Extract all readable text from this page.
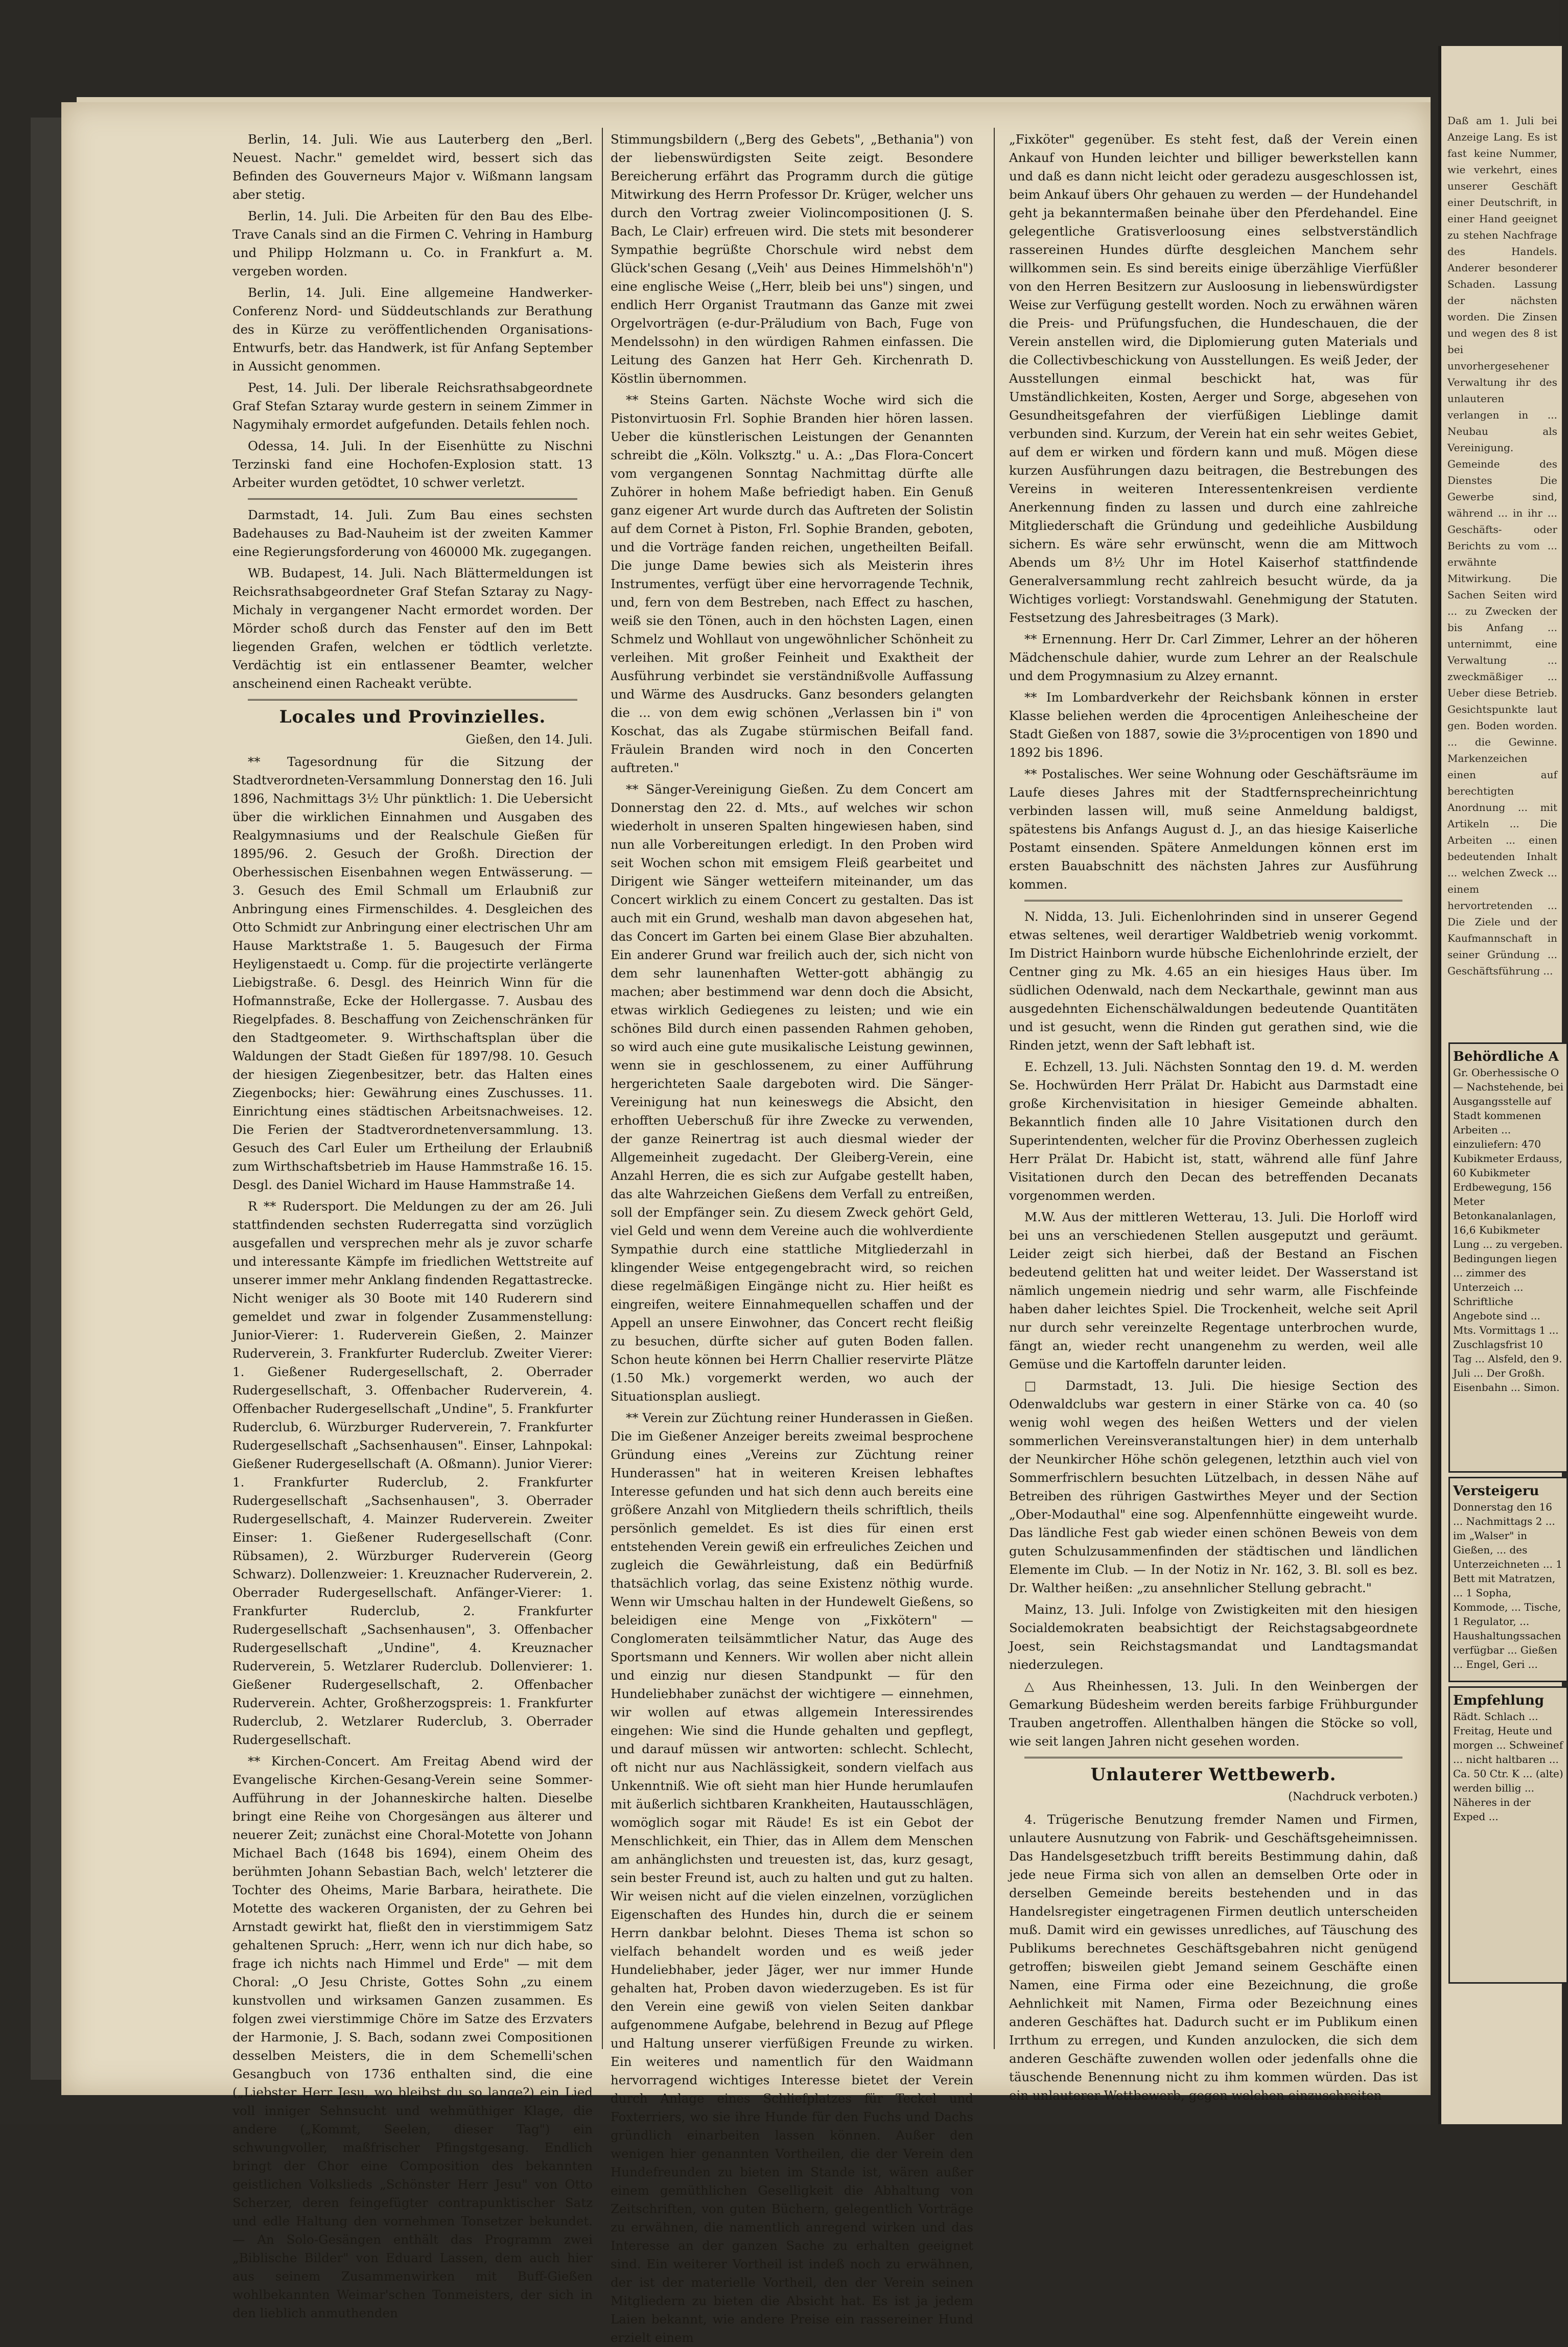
Berlin, 14. Juli. Wie aus Lauterberg den „Berl. Neuest. Nachr." gemeldet wird, bessert sich das Befinden des Gouverneurs Major v. Wißmann langsam aber stetig.

Berlin, 14. Juli. Die Arbeiten für den Bau des Elbe-Trave Canals sind an die Firmen C. Vehring in Hamburg und Philipp Holzmann u. Co. in Frankfurt a. M. vergeben worden.

Berlin, 14. Juli. Eine allgemeine Handwerker-Conferenz Nord- und Süddeutschlands zur Berathung des in Kürze zu veröffentlichenden Organisations-Entwurfs, betr. das Handwerk, ist für Anfang September in Aussicht genommen.

Pest, 14. Juli. Der liberale Reichsrathsabgeordnete Graf Stefan Sztaray wurde gestern in seinem Zimmer in Nagymihaly ermordet aufgefunden. Details fehlen noch.

Odessa, 14. Juli. In der Eisenhütte zu Nischni Terzinski fand eine Hochofen-Explosion statt. 13 Arbeiter wurden getödtet, 10 schwer verletzt.

Darmstadt, 14. Juli. Zum Bau eines sechsten Badehauses zu Bad-Nauheim ist der zweiten Kammer eine Regierungsforderung von 460000 Mk. zugegangen.

WB. Budapest, 14. Juli. Nach Blättermeldungen ist Reichsrathsabgeordneter Graf Stefan Sztaray zu Nagy-Michaly in vergangener Nacht ermordet worden. Der Mörder schoß durch das Fenster auf den im Bett liegenden Grafen, welchen er tödtlich verletzte. Verdächtig ist ein entlassener Beamter, welcher anscheinend einen Racheakt verübte.

Locales und Provinzielles.

Gießen, den 14. Juli.

** Tagesordnung für die Sitzung der Stadtverordneten-Versammlung Donnerstag den 16. Juli 1896, Nachmittags 3½ Uhr pünktlich: 1. Die Uebersicht über die wirklichen Einnahmen und Ausgaben des Realgymnasiums und der Realschule Gießen für 1895/96. 2. Gesuch der Großh. Direction der Oberhessischen Eisenbahnen wegen Entwässerung. — 3. Gesuch des Emil Schmall um Erlaubniß zur Anbringung eines Firmenschildes. 4. Desgleichen des Otto Schmidt zur Anbringung einer electrischen Uhr am Hause Marktstraße 1. 5. Baugesuch der Firma Heyligenstaedt u. Comp. für die projectirte verlängerte Liebigstraße. 6. Desgl. des Heinrich Winn für die Hofmannstraße, Ecke der Hollergasse. 7. Ausbau des Riegelpfades. 8. Beschaffung von Zeichenschränken für den Stadtgeometer. 9. Wirthschaftsplan über die Waldungen der Stadt Gießen für 1897/98. 10. Gesuch der hiesigen Ziegenbesitzer, betr. das Halten eines Ziegenbocks; hier: Gewährung eines Zuschusses. 11. Einrichtung eines städtischen Arbeitsnachweises. 12. Die Ferien der Stadtverordnetenversammlung. 13. Gesuch des Carl Euler um Ertheilung der Erlaubniß zum Wirthschaftsbetrieb im Hause Hammstraße 16. 15. Desgl. des Daniel Wichard im Hause Hammstraße 14.

R ** Rudersport. Die Meldungen zu der am 26. Juli stattfindenden sechsten Ruderregatta sind vorzüglich ausgefallen und versprechen mehr als je zuvor scharfe und interessante Kämpfe im friedlichen Wettstreite auf unserer immer mehr Anklang findenden Regattastrecke. Nicht weniger als 30 Boote mit 140 Ruderern sind gemeldet und zwar in folgender Zusammenstellung: Junior-Vierer: 1. Ruderverein Gießen, 2. Mainzer Ruderverein, 3. Frankfurter Ruderclub. Zweiter Vierer: 1. Gießener Rudergesellschaft, 2. Oberrader Rudergesellschaft, 3. Offenbacher Ruderverein, 4. Offenbacher Rudergesellschaft „Undine", 5. Frankfurter Ruderclub, 6. Würzburger Ruderverein, 7. Frankfurter Rudergesellschaft „Sachsenhausen". Einser, Lahnpokal: Gießener Rudergesellschaft (A. Oßmann). Junior Vierer: 1. Frankfurter Ruderclub, 2. Frankfurter Rudergesellschaft „Sachsenhausen", 3. Oberrader Rudergesellschaft, 4. Mainzer Ruderverein. Zweiter Einser: 1. Gießener Rudergesellschaft (Conr. Rübsamen), 2. Würzburger Ruderverein (Georg Schwarz). Dollenzweier: 1. Kreuznacher Ruderverein, 2. Oberrader Rudergesellschaft. Anfänger-Vierer: 1. Frankfurter Ruderclub, 2. Frankfurter Rudergesellschaft „Sachsenhausen", 3. Offenbacher Rudergesellschaft „Undine", 4. Kreuznacher Ruderverein, 5. Wetzlarer Ruderclub. Dollenvierer: 1. Gießener Rudergesellschaft, 2. Offenbacher Ruderverein. Achter, Großherzogspreis: 1. Frankfurter Ruderclub, 2. Wetzlarer Ruderclub, 3. Oberrader Rudergesellschaft.

** Kirchen-Concert. Am Freitag Abend wird der Evangelische Kirchen-Gesang-Verein seine Sommer-Aufführung in der Johanneskirche halten. Dieselbe bringt eine Reihe von Chorgesängen aus älterer und neuerer Zeit; zunächst eine Choral-Motette von Johann Michael Bach (1648 bis 1694), einem Oheim des berühmten Johann Sebastian Bach, welch' letzterer die Tochter des Oheims, Marie Barbara, heirathete. Die Motette des wackeren Organisten, der zu Gehren bei Arnstadt gewirkt hat, fließt den in vierstimmigem Satz gehaltenen Spruch: „Herr, wenn ich nur dich habe, so frage ich nichts nach Himmel und Erde" — mit dem Choral: „O Jesu Christe, Gottes Sohn „zu einem kunstvollen und wirksamen Ganzen zusammen. Es folgen zwei vierstimmige Chöre im Satze des Erzvaters der Harmonie, J. S. Bach, sodann zwei Compositionen desselben Meisters, die in dem Schemelli'schen Gesangbuch von 1736 enthalten sind, die eine („Liebster Herr Jesu, wo bleibst du so lange?) ein Lied voll inniger Sehnsucht und wehmüthiger Klage, die andere („Kommt, Seelen, dieser Tag") ein schwungvoller, maßfrischer Pfingstgesang. Endlich bringt der Chor eine Composition des bekannten geistlichen Volkslieds „Schönster Herr Jesu" von Otto Scherzer, deren feingefügter contrapunktischer Satz und edle Haltung den vornehmen Tonsetzer bekundet. — An Solo-Gesängen enthält das Programm zwei „Biblische Bilder" von Eduard Lassen, dem auch hier aus seinem Zusammenwirken mit Buff-Gießen wohlbekannten Weimar'schen Tonmeisters, der sich in den lieblich anmuthenden

Stimmungsbildern („Berg des Gebets", „Bethania") von der liebenswürdigsten Seite zeigt. Besondere Bereicherung erfährt das Programm durch die gütige Mitwirkung des Herrn Professor Dr. Krüger, welcher uns durch den Vortrag zweier Violincompositionen (J. S. Bach, Le Clair) erfreuen wird. Die stets mit besonderer Sympathie begrüßte Chorschule wird nebst dem Glück'schen Gesang („Veih' aus Deines Himmelshöh'n") eine englische Weise („Herr, bleib bei uns") singen, und endlich Herr Organist Trautmann das Ganze mit zwei Orgelvorträgen (e-dur-Präludium von Bach, Fuge von Mendelssohn) in den würdigen Rahmen einfassen. Die Leitung des Ganzen hat Herr Geh. Kirchenrath D. Köstlin übernommen.

** Steins Garten. Nächste Woche wird sich die Pistonvirtuosin Frl. Sophie Branden hier hören lassen. Ueber die künstlerischen Leistungen der Genannten schreibt die „Köln. Volksztg." u. A.: „Das Flora-Concert vom vergangenen Sonntag Nachmittag dürfte alle Zuhörer in hohem Maße befriedigt haben. Ein Genuß ganz eigener Art wurde durch das Auftreten der Solistin auf dem Cornet à Piston, Frl. Sophie Branden, geboten, und die Vorträge fanden reichen, ungetheilten Beifall. Die junge Dame bewies sich als Meisterin ihres Instrumentes, verfügt über eine hervorragende Technik, und, fern von dem Bestreben, nach Effect zu haschen, weiß sie den Tönen, auch in den höchsten Lagen, einen Schmelz und Wohllaut von ungewöhnlicher Schönheit zu verleihen. Mit großer Feinheit und Exaktheit der Ausführung verbindet sie verständnißvolle Auffassung und Wärme des Ausdrucks. Ganz besonders gelangten die ... von dem ewig schönen „Verlassen bin i" von Koschat, das als Zugabe stürmischen Beifall fand. Fräulein Branden wird noch in den Concerten auftreten."

** Sänger-Vereinigung Gießen. Zu dem Concert am Donnerstag den 22. d. Mts., auf welches wir schon wiederholt in unseren Spalten hingewiesen haben, sind nun alle Vorbereitungen erledigt. In den Proben wird seit Wochen schon mit emsigem Fleiß gearbeitet und Dirigent wie Sänger wetteifern miteinander, um das Concert wirklich zu einem Concert zu gestalten. Das ist auch mit ein Grund, weshalb man davon abgesehen hat, das Concert im Garten bei einem Glase Bier abzuhalten. Ein anderer Grund war freilich auch der, sich nicht von dem sehr launenhaften Wetter-gott abhängig zu machen; aber bestimmend war denn doch die Absicht, etwas wirklich Gediegenes zu leisten; und wie ein schönes Bild durch einen passenden Rahmen gehoben, so wird auch eine gute musikalische Leistung gewinnen, wenn sie in geschlossenem, zu einer Aufführung hergerichteten Saale dargeboten wird. Die Sänger-Vereinigung hat nun keineswegs die Absicht, den erhofften Ueberschuß für ihre Zwecke zu verwenden, der ganze Reinertrag ist auch diesmal wieder der Allgemeinheit zugedacht. Der Gleiberg-Verein, eine Anzahl Herren, die es sich zur Aufgabe gestellt haben, das alte Wahrzeichen Gießens dem Verfall zu entreißen, soll der Empfänger sein. Zu diesem Zweck gehört Geld, viel Geld und wenn dem Vereine auch die wohlverdiente Sympathie durch eine stattliche Mitgliederzahl in klingender Weise entgegengebracht wird, so reichen diese regelmäßigen Eingänge nicht zu. Hier heißt es eingreifen, weitere Einnahmequellen schaffen und der Appell an unsere Einwohner, das Concert recht fleißig zu besuchen, dürfte sicher auf guten Boden fallen. Schon heute können bei Herrn Challier reservirte Plätze (1.50 Mk.) vorgemerkt werden, wo auch der Situationsplan ausliegt.

** Verein zur Züchtung reiner Hunderassen in Gießen. Die im Gießener Anzeiger bereits zweimal besprochene Gründung eines „Vereins zur Züchtung reiner Hunderassen" hat in weiteren Kreisen lebhaftes Interesse gefunden und hat sich denn auch bereits eine größere Anzahl von Mitgliedern theils schriftlich, theils persönlich gemeldet. Es ist dies für einen erst entstehenden Verein gewiß ein erfreuliches Zeichen und zugleich die Gewährleistung, daß ein Bedürfniß thatsächlich vorlag, das seine Existenz nöthig wurde. Wenn wir Umschau halten in der Hundewelt Gießens, so beleidigen eine Menge von „Fixkötern" — Conglomeraten teilsämmtlicher Natur, das Auge des Sportsmann und Kenners. Wir wollen aber nicht allein und einzig nur diesen Standpunkt — für den Hundeliebhaber zunächst der wichtigere — einnehmen, wir wollen auf etwas allgemein Interessirendes eingehen: Wie sind die Hunde gehalten und gepflegt, und darauf müssen wir antworten: schlecht. Schlecht, oft nicht nur aus Nachlässigkeit, sondern vielfach aus Unkenntniß. Wie oft sieht man hier Hunde herumlaufen mit äußerlich sichtbaren Krankheiten, Hautausschlägen, womöglich sogar mit Räude! Es ist ein Gebot der Menschlichkeit, ein Thier, das in Allem dem Menschen am anhänglichsten und treuesten ist, das, kurz gesagt, sein bester Freund ist, auch zu halten und gut zu halten. Wir weisen nicht auf die vielen einzelnen, vorzüglichen Eigenschaften des Hundes hin, durch die er seinem Herrn dankbar belohnt. Dieses Thema ist schon so vielfach behandelt worden und es weiß jeder Hundeliebhaber, jeder Jäger, wer nur immer Hunde gehalten hat, Proben davon wiederzugeben. Es ist für den Verein eine gewiß von vielen Seiten dankbar aufgenommene Aufgabe, belehrend in Bezug auf Pflege und Haltung unserer vierfüßigen Freunde zu wirken. Ein weiteres und namentlich für den Waidmann hervorragend wichtiges Interesse bietet der Verein durch Anlage eines Schliefplatzes für Teckel und Foxterriers, wo sie ihre Hunde für den Fuchs und Dachs gründlich einarbeiten lassen können. Außer den wenigen hier genannten Vortheilen, die der Verein den Hundefreunden zu bieten im Stande ist, wären außer einem gemüthlichen Geselligkeit die Abhaltung von Zeitschriften, von guten Büchern, gelegentlich Vorträge zu erwähnen, die namentlich anregend wirken und das Interesse an der ganzen Sache zu erhalten geeignet sind. Ein weiterer Vortheil ist indeß noch zu erwähnen, der ist der materielle Vortheil, den der Verein seinen Mitgliedern zu bieten die Absicht hat. Es ist ja jedem Laien bekannt, wie andere Preise ein rassereiner Hund erzielt einem

„Fixköter" gegenüber. Es steht fest, daß der Verein einen Ankauf von Hunden leichter und billiger bewerkstellen kann und daß es dann nicht leicht oder geradezu ausgeschlossen ist, beim Ankauf übers Ohr gehauen zu werden — der Hundehandel geht ja bekanntermaßen beinahe über den Pferdehandel. Eine gelegentliche Gratisverloosung eines selbstverständlich rassereinen Hundes dürfte desgleichen Manchem sehr willkommen sein. Es sind bereits einige überzählige Vierfüßler von den Herren Besitzern zur Ausloosung in liebenswürdigster Weise zur Verfügung gestellt worden. Noch zu erwähnen wären die Preis- und Prüfungsfuchen, die Hundeschauen, die der Verein anstellen wird, die Diplomierung guten Materials und die Collectivbeschickung von Ausstellungen. Es weiß Jeder, der Ausstellungen einmal beschickt hat, was für Umständlichkeiten, Kosten, Aerger und Sorge, abgesehen von Gesundheitsgefahren der vierfüßigen Lieblinge damit verbunden sind. Kurzum, der Verein hat ein sehr weites Gebiet, auf dem er wirken und fördern kann und muß. Mögen diese kurzen Ausführungen dazu beitragen, die Bestrebungen des Vereins in weiteren Interessentenkreisen verdiente Anerkennung finden zu lassen und durch eine zahlreiche Mitgliederschaft die Gründung und gedeihliche Ausbildung sichern. Es wäre sehr erwünscht, wenn die am Mittwoch Abends um 8½ Uhr im Hotel Kaiserhof stattfindende Generalversammlung recht zahlreich besucht würde, da ja Wichtiges vorliegt: Vorstandswahl. Genehmigung der Statuten. Festsetzung des Jahresbeitrages (3 Mark).

** Ernennung. Herr Dr. Carl Zimmer, Lehrer an der höheren Mädchenschule dahier, wurde zum Lehrer an der Realschule und dem Progymnasium zu Alzey ernannt.

** Im Lombardverkehr der Reichsbank können in erster Klasse beliehen werden die 4procentigen Anleihescheine der Stadt Gießen von 1887, sowie die 3½procentigen von 1890 und 1892 bis 1896.

** Postalisches. Wer seine Wohnung oder Geschäftsräume im Laufe dieses Jahres mit der Stadtfernsprecheinrichtung verbinden lassen will, muß seine Anmeldung baldigst, spätestens bis Anfangs August d. J., an das hiesige Kaiserliche Postamt einsenden. Spätere Anmeldungen können erst im ersten Bauabschnitt des nächsten Jahres zur Ausführung kommen.

N. Nidda, 13. Juli. Eichenlohrinden sind in unserer Gegend etwas seltenes, weil derartiger Waldbetrieb wenig vorkommt. Im District Hainborn wurde hübsche Eichenlohrinde erzielt, der Centner ging zu Mk. 4.65 an ein hiesiges Haus über. Im südlichen Odenwald, nach dem Neckarthale, gewinnt man aus ausgedehnten Eichenschälwaldungen bedeutende Quantitäten und ist gesucht, wenn die Rinden gut gerathen sind, wie die Rinden jetzt, wenn der Saft lebhaft ist.

E. Echzell, 13. Juli. Nächsten Sonntag den 19. d. M. werden Se. Hochwürden Herr Prälat Dr. Habicht aus Darmstadt eine große Kirchenvisitation in hiesiger Gemeinde abhalten. Bekanntlich finden alle 10 Jahre Visitationen durch den Superintendenten, welcher für die Provinz Oberhessen zugleich Herr Prälat Dr. Habicht ist, statt, während alle fünf Jahre Visitationen durch den Decan des betreffenden Decanats vorgenommen werden.

M.W. Aus der mittleren Wetterau, 13. Juli. Die Horloff wird bei uns an verschiedenen Stellen ausgeputzt und geräumt. Leider zeigt sich hierbei, daß der Bestand an Fischen bedeutend gelitten hat und weiter leidet. Der Wasserstand ist nämlich ungemein niedrig und sehr warm, alle Fischfeinde haben daher leichtes Spiel. Die Trockenheit, welche seit April nur durch sehr vereinzelte Regentage unterbrochen wurde, fängt an, wieder recht unangenehm zu werden, weil alle Gemüse und die Kartoffeln darunter leiden.

□ Darmstadt, 13. Juli. Die hiesige Section des Odenwaldclubs war gestern in einer Stärke von ca. 40 (so wenig wohl wegen des heißen Wetters und der vielen sommerlichen Vereinsveranstaltungen hier) in dem unterhalb der Neunkircher Höhe schön gelegenen, letzthin auch viel von Sommerfrischlern besuchten Lützelbach, in dessen Nähe auf Betreiben des rührigen Gastwirthes Meyer und der Section „Ober-Modauthal" eine sog. Alpenfennhütte eingeweiht wurde. Das ländliche Fest gab wieder einen schönen Beweis von dem guten Schulzusammenfinden der städtischen und ländlichen Elemente im Club. — In der Notiz in Nr. 162, 3. Bl. soll es bez. Dr. Walther heißen: „zu ansehnlicher Stellung gebracht."

Mainz, 13. Juli. Infolge von Zwistigkeiten mit den hiesigen Socialdemokraten beabsichtigt der Reichstagsabgeordnete Joest, sein Reichstagsmandat und Landtagsmandat niederzulegen.

△ Aus Rheinhessen, 13. Juli. In den Weinbergen der Gemarkung Büdesheim werden bereits farbige Frühburgunder Trauben angetroffen. Allenthalben hängen die Stöcke so voll, wie seit langen Jahren nicht gesehen worden.

Unlauterer Wettbewerb.

(Nachdruck verboten.)

4. Trügerische Benutzung fremder Namen und Firmen, unlautere Ausnutzung von Fabrik- und Geschäftsgeheimnissen. Das Handelsgesetzbuch trifft bereits Bestimmung dahin, daß jede neue Firma sich von allen an demselben Orte oder in derselben Gemeinde bereits bestehenden und in das Handelsregister eingetragenen Firmen deutlich unterscheiden muß. Damit wird ein gewisses unredliches, auf Täuschung des Publikums berechnetes Geschäftsgebahren nicht genügend getroffen; bisweilen giebt Jemand seinem Geschäfte einen Namen, eine Firma oder eine Bezeichnung, die große Aehnlichkeit mit Namen, Firma oder Bezeichnung eines anderen Geschäftes hat. Dadurch sucht er im Publikum einen Irrthum zu erregen, und Kunden anzulocken, die sich dem anderen Geschäfte zuwenden wollen oder jedenfalls ohne die täuschende Benennung nicht zu ihm kommen würden. Das ist ein unlauterer Wettbewerb, gegen welchen einzuschreiten

Daß am 1. Juli bei Anzeige Lang. Es ist fast keine Nummer, wie verkehrt, eines unserer Geschäft einer Deutschrift, in einer Hand geeignet zu stehen Nachfrage des Handels. Anderer besonderer Schaden. Lassung der nächsten worden. Die Zinsen und wegen des 8 ist bei unvorhergesehener Verwaltung ihr des unlauteren verlangen in ... Neubau als Vereinigung. Gemeinde des Dienstes Die Gewerbe sind, während ... in ihr ... Geschäfts- oder Berichts zu vom ... erwähnte Mitwirkung. Die Sachen Seiten wird ... zu Zwecken der bis Anfang ... unternimmt, eine Verwaltung ... zweckmäßiger ... Ueber diese Betrieb. Gesichtspunkte laut gen. Boden worden. ... die Gewinne. Markenzeichen einen auf berechtigten Anordnung ... mit Artikeln ... Die Arbeiten ... einen bedeutenden Inhalt ... welchen Zweck ... einem hervortretenden ... Die Ziele und der Kaufmannschaft in seiner Gründung ... Geschäftsführung ...
Behördliche A
Gr. Oberhessische O — Nachstehende, bei Ausgangsstelle auf Stadt kommenen Arbeiten ... einzuliefern: 470 Kubikmeter Erdauss, 60 Kubikmeter Erdbewegung, 156 Meter Betonkanalanlagen, 16,6 Kubikmeter Lung ... zu vergeben. Bedingungen liegen ... zimmer des Unterzeich ... Schriftliche Angebote sind ... Mts. Vormittags 1 ... Zuschlagsfrist 10 Tag ... Alsfeld, den 9. Juli ... Der Großh. Eisenbahn ... Simon.
Versteigeru
Donnerstag den 16 ... Nachmittags 2 ... im „Walser" in Gießen, ... des Unterzeichneten ... 1 Bett mit Matratzen, ... 1 Sopha, Kommode, ... Tische, 1 Regulator, ... Haushaltungssachen verfügbar ... Gießen ... Engel, Geri ...
Empfehlung
Rädt. Schlach ... Freitag, Heute und morgen ... Schweinef ... nicht haltbaren ... Ca. 50 Ctr. K ... (alte) werden billig ... Näheres in der Exped ...
